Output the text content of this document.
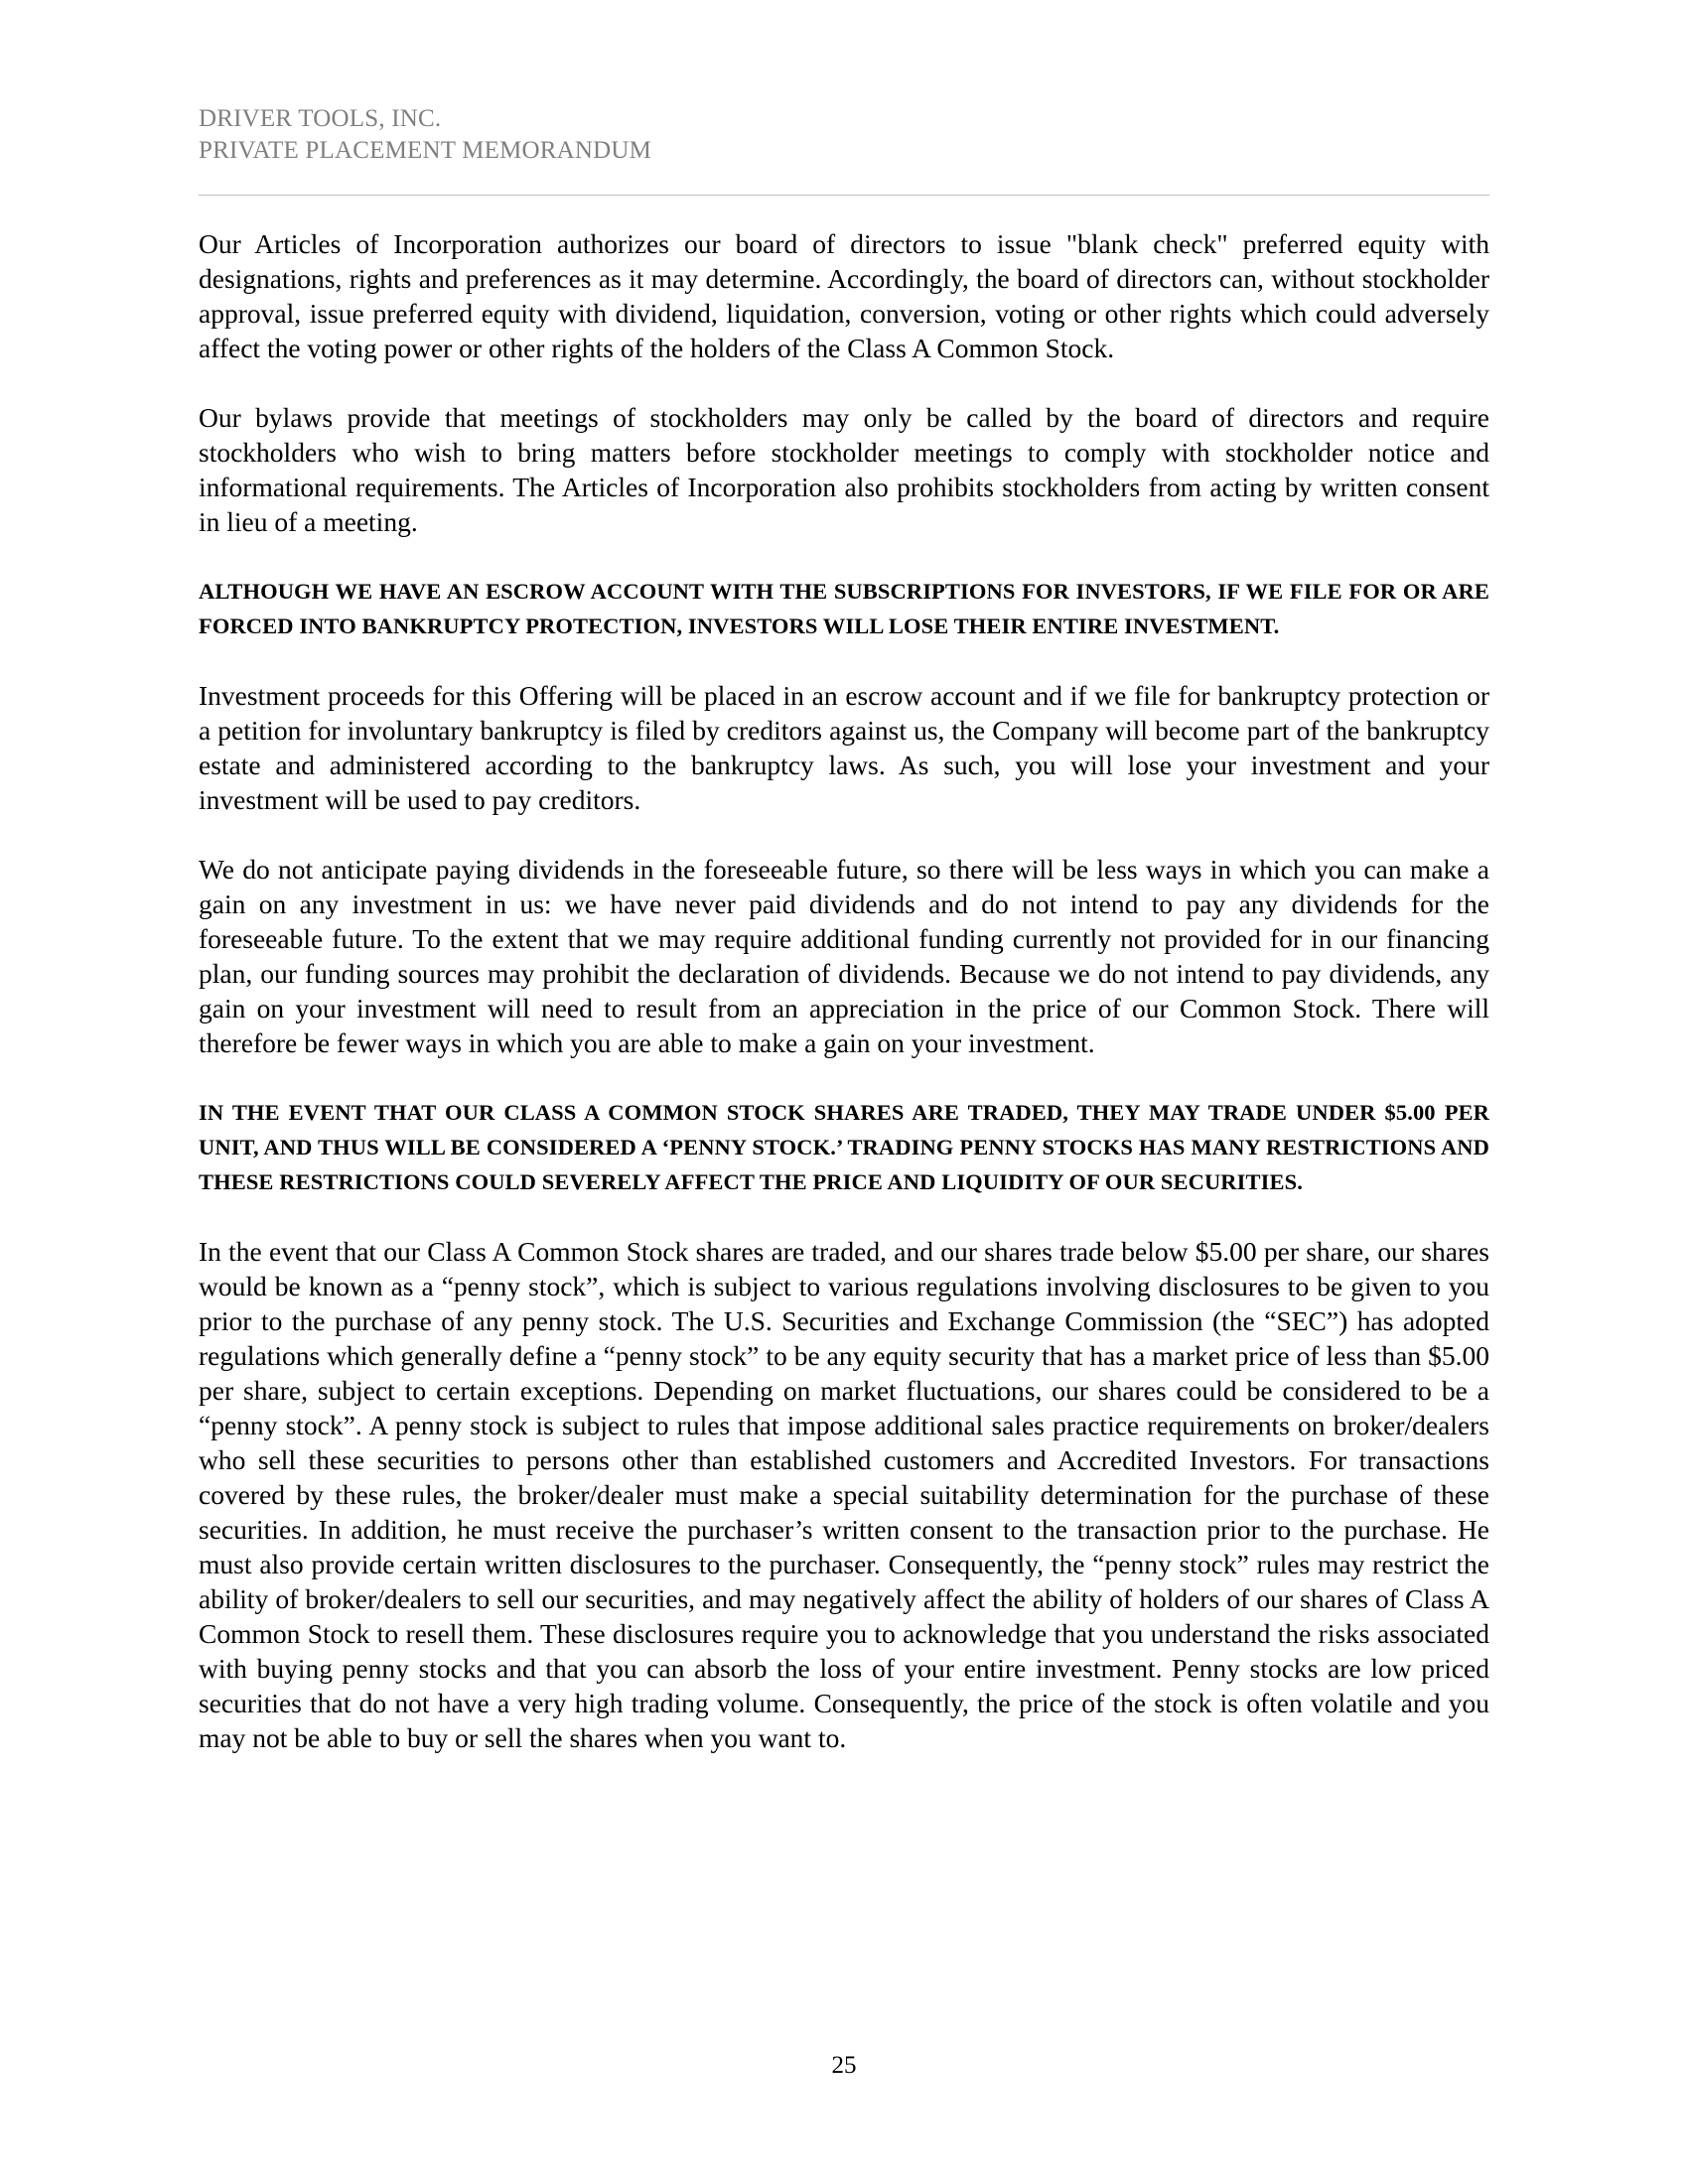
DRIVER TOOLS, INC.
PRIVATE PLACEMENT MEMORANDUM

Our Articles of Incorporation authorizes our board of directors to issue "blank check" preferred equity with designations, rights and preferences as it may determine. Accordingly, the board of directors can, without stockholder approval, issue preferred equity with dividend, liquidation, conversion, voting or other rights which could adversely affect the voting power or other rights of the holders of the Class A Common Stock.

Our bylaws provide that meetings of stockholders may only be called by the board of directors and require stockholders who wish to bring matters before stockholder meetings to comply with stockholder notice and informational requirements. The Articles of Incorporation also prohibits stockholders from acting by written consent in lieu of a meeting.

ALTHOUGH WE HAVE AN ESCROW ACCOUNT WITH THE SUBSCRIPTIONS FOR INVESTORS, IF WE FILE FOR OR ARE FORCED INTO BANKRUPTCY PROTECTION, INVESTORS WILL LOSE THEIR ENTIRE INVESTMENT.

Investment proceeds for this Offering will be placed in an escrow account and if we file for bankruptcy protection or a petition for involuntary bankruptcy is filed by creditors against us, the Company will become part of the bankruptcy estate and administered according to the bankruptcy laws. As such, you will lose your investment and your investment will be used to pay creditors.

We do not anticipate paying dividends in the foreseeable future, so there will be less ways in which you can make a gain on any investment in us: we have never paid dividends and do not intend to pay any dividends for the foreseeable future. To the extent that we may require additional funding currently not provided for in our financing plan, our funding sources may prohibit the declaration of dividends. Because we do not intend to pay dividends, any gain on your investment will need to result from an appreciation in the price of our Common Stock. There will therefore be fewer ways in which you are able to make a gain on your investment.

IN THE EVENT THAT OUR CLASS A COMMON STOCK SHARES ARE TRADED, THEY MAY TRADE UNDER $5.00 PER UNIT, AND THUS WILL BE CONSIDERED A ‘PENNY STOCK.’ TRADING PENNY STOCKS HAS MANY RESTRICTIONS AND THESE RESTRICTIONS COULD SEVERELY AFFECT THE PRICE AND LIQUIDITY OF OUR SECURITIES.

In the event that our Class A Common Stock shares are traded, and our shares trade below $5.00 per share, our shares would be known as a “penny stock”, which is subject to various regulations involving disclosures to be given to you prior to the purchase of any penny stock. The U.S. Securities and Exchange Commission (the “SEC”) has adopted regulations which generally define a “penny stock” to be any equity security that has a market price of less than $5.00 per share, subject to certain exceptions. Depending on market fluctuations, our shares could be considered to be a “penny stock”. A penny stock is subject to rules that impose additional sales practice requirements on broker/dealers who sell these securities to persons other than established customers and Accredited Investors. For transactions covered by these rules, the broker/dealer must make a special suitability determination for the purchase of these securities. In addition, he must receive the purchaser’s written consent to the transaction prior to the purchase. He must also provide certain written disclosures to the purchaser. Consequently, the “penny stock” rules may restrict the ability of broker/dealers to sell our securities, and may negatively affect the ability of holders of our shares of Class A Common Stock to resell them. These disclosures require you to acknowledge that you understand the risks associated with buying penny stocks and that you can absorb the loss of your entire investment. Penny stocks are low priced securities that do not have a very high trading volume. Consequently, the price of the stock is often volatile and you may not be able to buy or sell the shares when you want to.

25
